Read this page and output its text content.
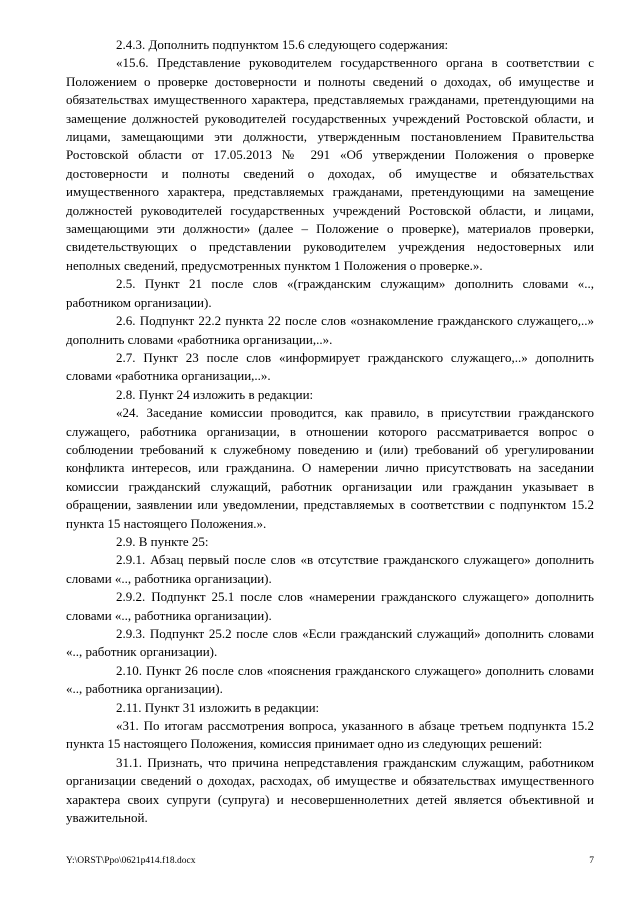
2.4.3. Дополнить подпунктом 15.6 следующего содержания:

«15.6. Представление руководителем государственного органа в соответствии с Положением о проверке достоверности и полноты сведений о доходах, об имуществе и обязательствах имущественного характера, представляемых гражданами, претендующими на замещение должностей руководителей государственных учреждений Ростовской области, и лицами, замещающими эти должности, утвержденным постановлением Правительства Ростовской области от 17.05.2013 № 291 «Об утверждении Положения о проверке достоверности и полноты сведений о доходах, об имуществе и обязательствах имущественного характера, представляемых гражданами, претендующими на замещение должностей руководителей государственных учреждений Ростовской области, и лицами, замещающими эти должности» (далее – Положение о проверке), материалов проверки, свидетельствующих о представлении руководителем учреждения недостоверных или неполных сведений, предусмотренных пунктом 1 Положения о проверке.».

2.5. Пункт 21 после слов «(гражданским служащим» дополнить словами «.., работником организации).

2.6. Подпункт 22.2 пункта 22 после слов «ознакомление гражданского служащего,..» дополнить словами «работника организации,..».

2.7. Пункт 23 после слов «информирует гражданского служащего,..» дополнить словами «работника организации,..».

2.8. Пункт 24 изложить в редакции:

«24. Заседание комиссии проводится, как правило, в присутствии гражданского служащего, работника организации, в отношении которого рассматривается вопрос о соблюдении требований к служебному поведению и (или) требований об урегулировании конфликта интересов, или гражданина. О намерении лично присутствовать на заседании комиссии гражданский служащий, работник организации или гражданин указывает в обращении, заявлении или уведомлении, представляемых в соответствии с подпунктом 15.2 пункта 15 настоящего Положения.».

2.9. В пункте 25:

2.9.1. Абзац первый после слов «в отсутствие гражданского служащего» дополнить словами «.., работника организации).

2.9.2. Подпункт 25.1 после слов «намерении гражданского служащего» дополнить словами «.., работника организации).

2.9.3. Подпункт 25.2 после слов «Если гражданский служащий» дополнить словами «.., работник организации).

2.10. Пункт 26 после слов «пояснения гражданского служащего» дополнить словами «.., работника организации).

2.11. Пункт 31 изложить в редакции:

«31. По итогам рассмотрения вопроса, указанного в абзаце третьем подпункта 15.2 пункта 15 настоящего Положения, комиссия принимает одно из следующих решений:

31.1. Признать, что причина непредставления гражданским служащим, работником организации сведений о доходах, расходах, об имуществе и обязательствах имущественного характера своих супруги (супруга) и несовершеннолетних детей является объективной и уважительной.

Y:\ORST\Ppo\0621p414.f18.docx	7
